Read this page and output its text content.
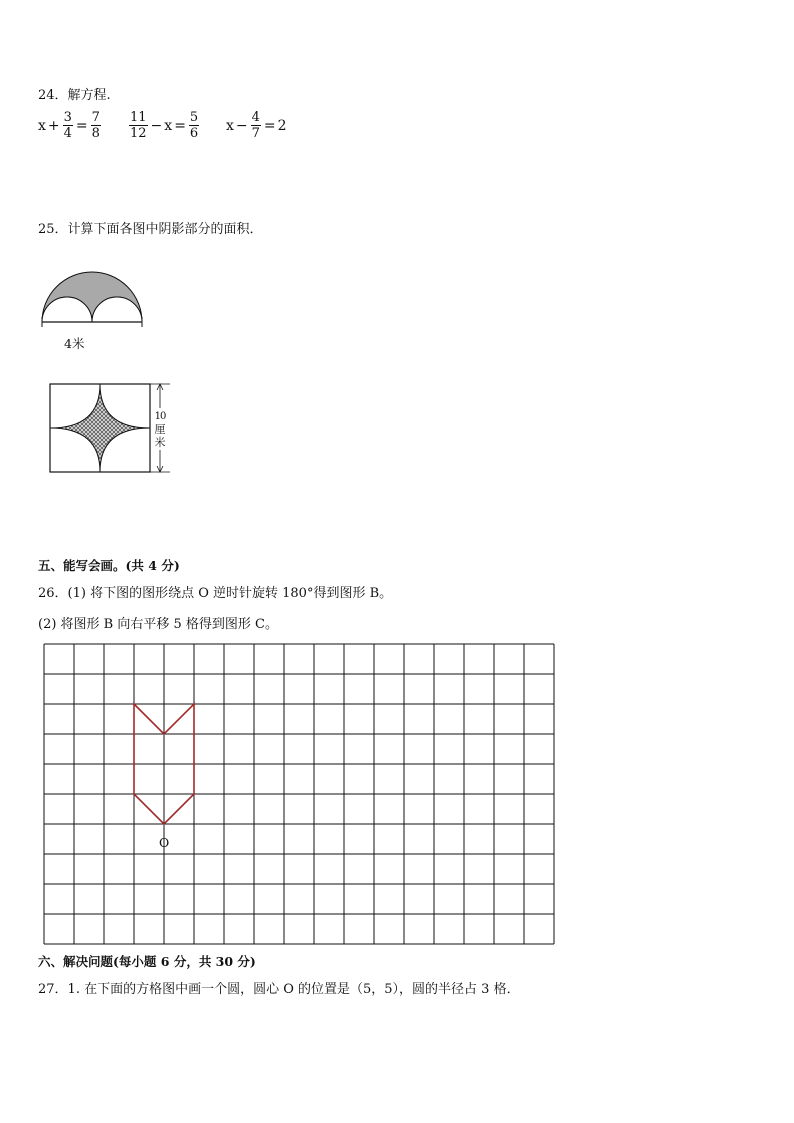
24．解方程.
$x + \frac{3}{4} = \frac{7}{8} \frac{11}{12} - x = \frac{5}{6}$ $x - \frac{4}{7} = 2$
25．计算下面各图中阴影部分的面积．
4米
10
厘
米
五、能写会画。(共 4 分)
26．(1) 将下图的图形绕点 O 逆时针旋转 180°得到图形 B。
(2) 将图形 B 向右平移 5 格得到图形 C。
O
六、解决问题(每小题 6 分，共 30 分)
27．1. 在下面的方格图中画一个圆，圆心 O 的位置是（5，5），圆的半径占 3 格．
